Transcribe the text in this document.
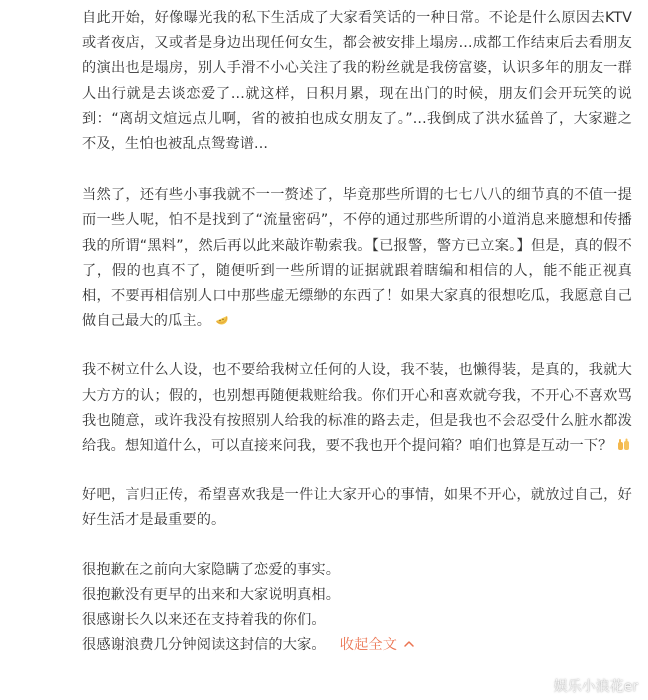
自此开始，好像曝光我的私下生活成了大家看笑话的一种日常。不论是什么原因去KTV或者夜店，又或者是身边出现任何女生，都会被安排上塌房...成都工作结束后去看朋友的演出也是塌房，别人手滑不小心关注了我的粉丝就是我傍富婆，认识多年的朋友一群人出行就是去谈恋爱了...就这样，日积月累，现在出门的时候，朋友们会开玩笑的说到：“离胡文煊远点儿啊，省的被拍也成女朋友了。”...我倒成了洪水猛兽了，大家避之不及，生怕也被乱点鸳鸯谱...

当然了，还有些小事我就不一一赘述了，毕竟那些所谓的七七八八的细节真的不值一提而一些人呢，怕不是找到了“流量密码”，不停的通过那些所谓的小道消息来臆想和传播我的所谓“黑料”，然后再以此来敲诈勒索我。【已报警，警方已立案。】但是，真的假不了，假的也真不了，随便听到一些所谓的证据就跟着瞎编和相信的人，能不能正视真相，不要再相信别人口中那些虚无缥缈的东西了！如果大家真的很想吃瓜，我愿意自己做自己最大的瓜主。

我不树立什么人设，也不要给我树立任何的人设，我不装，也懒得装，是真的，我就大大方方的认；假的，也别想再随便栽赃给我。你们开心和喜欢就夸我，不开心不喜欢骂我也随意，或许我没有按照别人给我的标准的路去走，但是我也不会忍受什么脏水都泼给我。想知道什么，可以直接来问我，要不我也开个提问箱？咱们也算是互动一下？

好吧，言归正传，希望喜欢我是一件让大家开心的事情，如果不开心，就放过自己，好好生活才是最重要的。

很抱歉在之前向大家隐瞒了恋爱的事实。
很抱歉没有更早的出来和大家说明真相。
很感谢长久以来还在支持着我的你们。
很感谢浪费几分钟阅读这封信的大家。 收起全文
娱乐小浪花er
